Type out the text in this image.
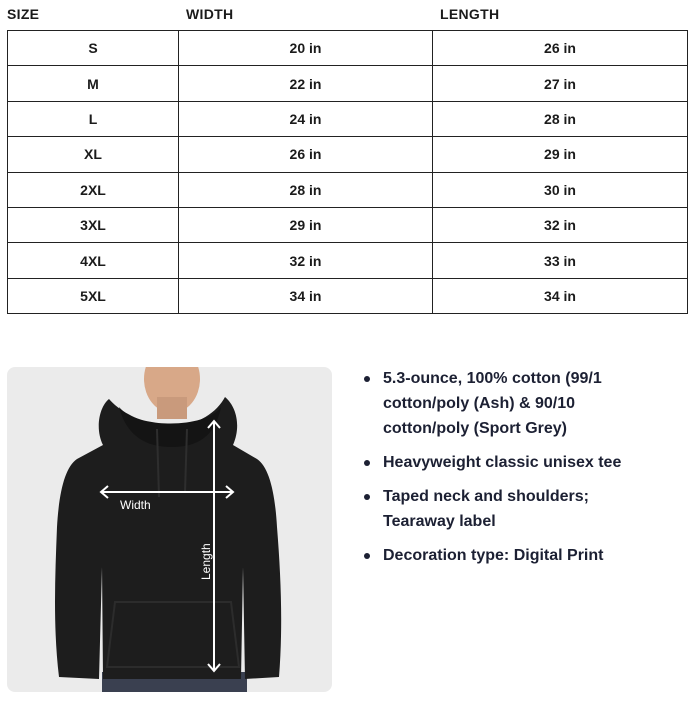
SIZE	WIDTH	LENGTH
S	20 in	26 in
M	22 in	27 in
L	24 in	28 in
XL	26 in	29 in
2XL	28 in	30 in
3XL	29 in	32 in
4XL	32 in	33 in
5XL	34 in	34 in
Width
Length
5.3-ounce, 100% cotton (99/1 cotton/poly (Ash) & 90/10 cotton/poly (Sport Grey)
Heavyweight classic unisex tee
Taped neck and shoulders; Tearaway label
Decoration type: Digital Print
